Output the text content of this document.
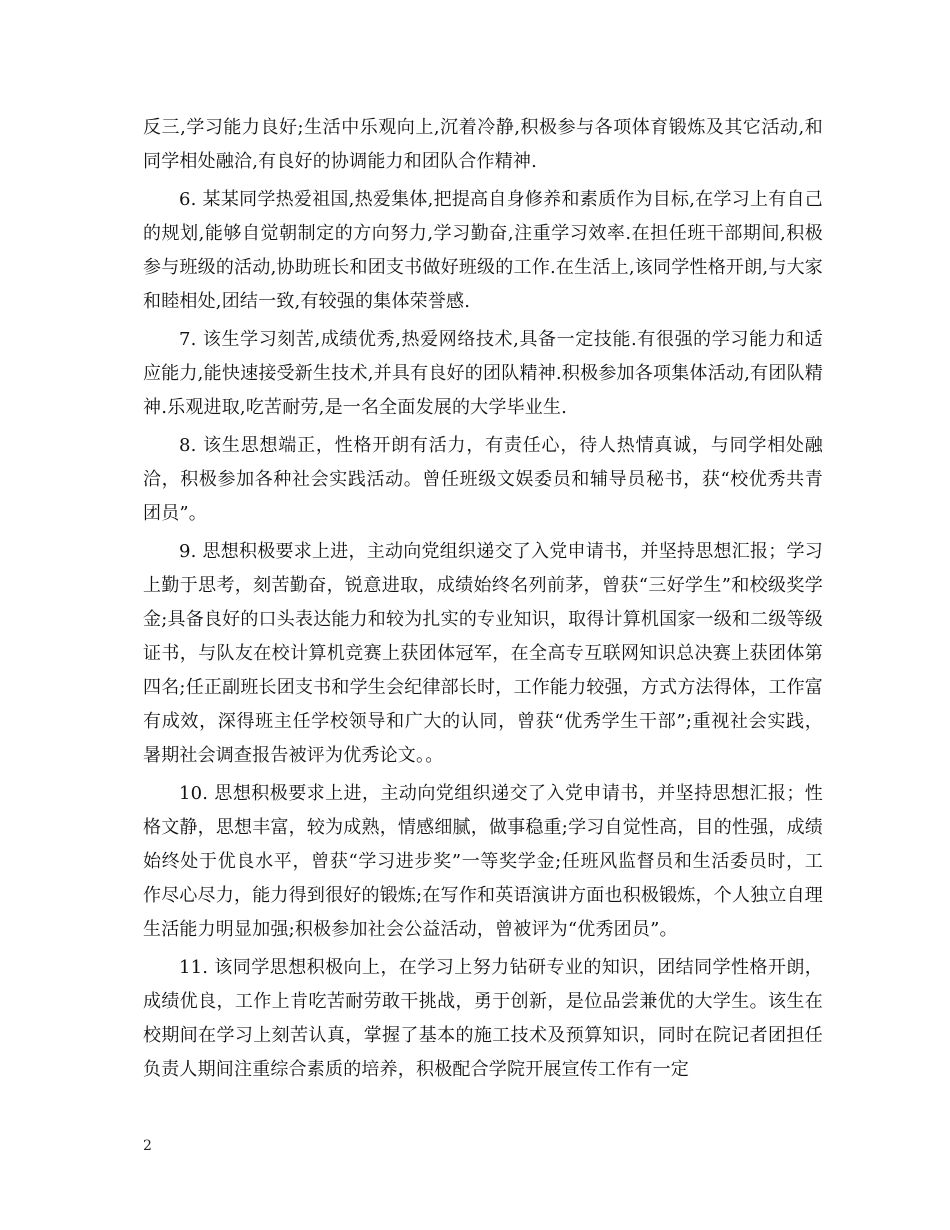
反三,学习能力良好;生活中乐观向上,沉着冷静,积极参与各项体育锻炼及其它活动,和同学相处融洽,有良好的协调能力和团队合作精神.

6. 某某同学热爱祖国,热爱集体,把提高自身修养和素质作为目标,在学习上有自己的规划,能够自觉朝制定的方向努力,学习勤奋,注重学习效率.在担任班干部期间,积极参与班级的活动,协助班长和团支书做好班级的工作.在生活上,该同学性格开朗,与大家和睦相处,团结一致,有较强的集体荣誉感.

7. 该生学习刻苦,成绩优秀,热爱网络技术,具备一定技能.有很强的学习能力和适应能力,能快速接受新生技术,并具有良好的团队精神.积极参加各项集体活动,有团队精神.乐观进取,吃苦耐劳,是一名全面发展的大学毕业生.

8. 该生思想端正，性格开朗有活力，有责任心，待人热情真诚，与同学相处融洽，积极参加各种社会实践活动。曾任班级文娱委员和辅导员秘书，获“校优秀共青团员”。

9. 思想积极要求上进，主动向党组织递交了入党申请书，并坚持思想汇报；学习上勤于思考，刻苦勤奋，锐意进取，成绩始终名列前茅，曾获“三好学生”和校级奖学金;具备良好的口头表达能力和较为扎实的专业知识，取得计算机国家一级和二级等级证书，与队友在校计算机竞赛上获团体冠军，在全高专互联网知识总决赛上获团体第四名;任正副班长团支书和学生会纪律部长时，工作能力较强，方式方法得体，工作富有成效，深得班主任学校领导和广大的认同，曾获“优秀学生干部”;重视社会实践，暑期社会调查报告被评为优秀论文。。

10. 思想积极要求上进，主动向党组织递交了入党申请书，并坚持思想汇报；性格文静，思想丰富，较为成熟，情感细腻，做事稳重;学习自觉性高，目的性强，成绩始终处于优良水平，曾获“学习进步奖”一等奖学金;任班风监督员和生活委员时，工作尽心尽力，能力得到很好的锻炼;在写作和英语演讲方面也积极锻炼，个人独立自理生活能力明显加强;积极参加社会公益活动，曾被评为“优秀团员”。

11. 该同学思想积极向上，在学习上努力钻研专业的知识，团结同学性格开朗，成绩优良，工作上肯吃苦耐劳敢干挑战，勇于创新，是位品尝兼优的大学生。该生在校期间在学习上刻苦认真，掌握了基本的施工技术及预算知识，同时在院记者团担任负责人期间注重综合素质的培养，积极配合学院开展宣传工作有一定

2
